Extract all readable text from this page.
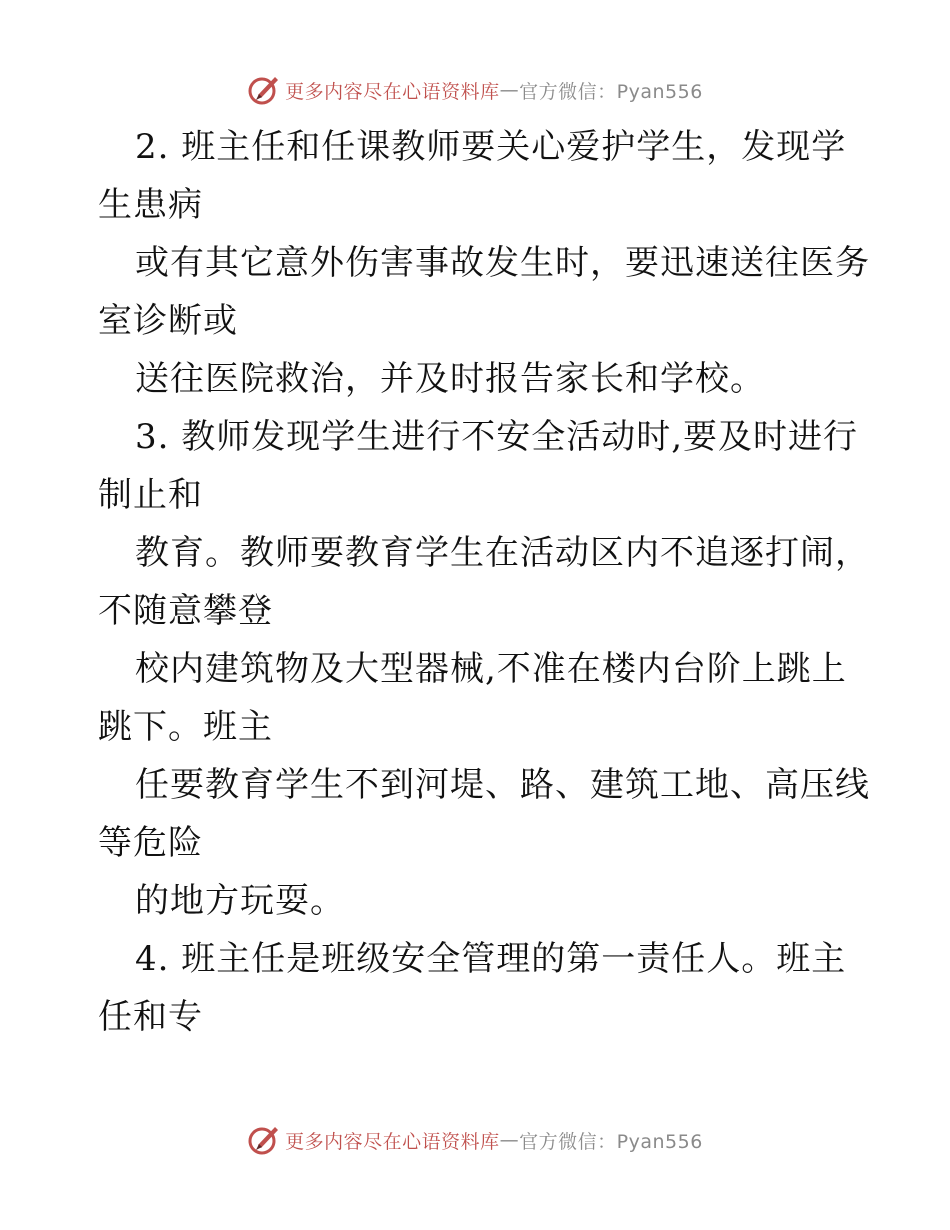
更多内容尽在心语资料库 — 官方微信：Pyan556
2. 班主任和任课教师要关心爱护学生，发现学
生患病
或有其它意外伤害事故发生时，要迅速送往医务
室诊断或
送往医院救治，并及时报告家长和学校。
3. 教师发现学生进行不安全活动时,要及时进行
制止和
教育。教师要教育学生在活动区内不追逐打闹，
不随意攀登
校内建筑物及大型器械,不准在楼内台阶上跳上
跳下。班主
任要教育学生不到河堤、路、建筑工地、高压线
等危险
的地方玩耍。
4. 班主任是班级安全管理的第一责任人。班主
任和专
更多内容尽在心语资料库 — 官方微信：Pyan556
